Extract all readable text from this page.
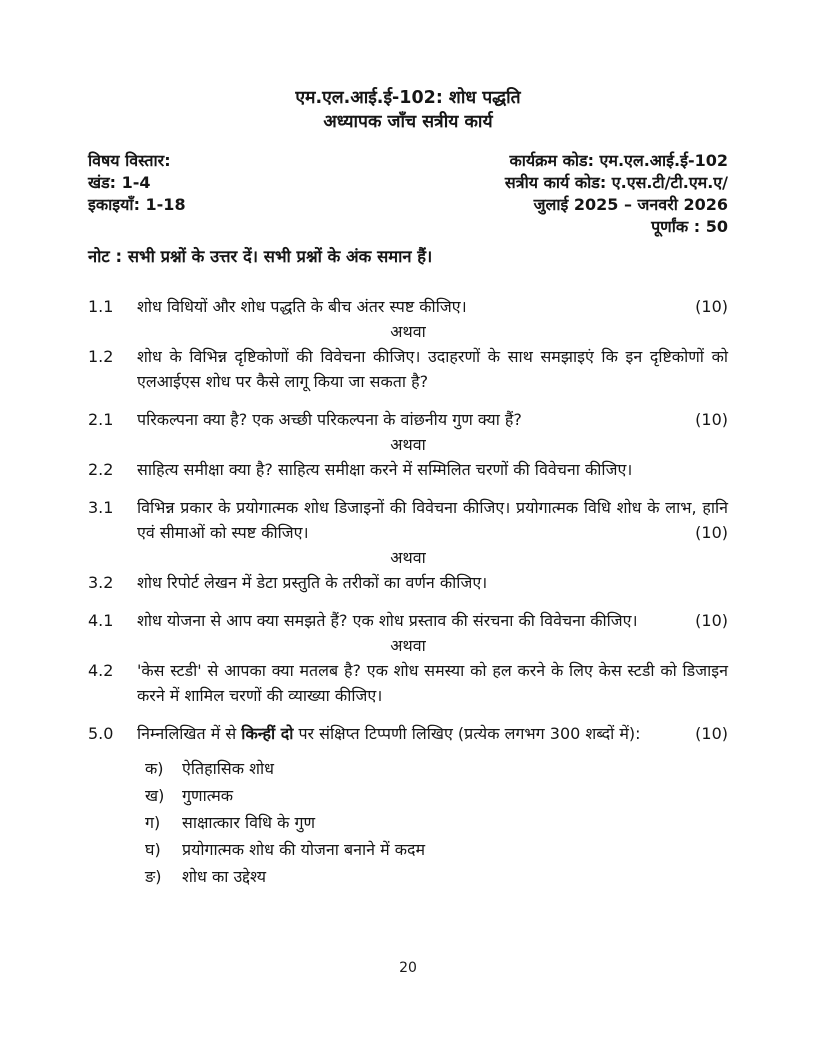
एम.एल.आई.ई-102: शोध पद्धति
अध्यापक जाँच सत्रीय कार्य
विषय विस्तार:
खंड: 1-4
इकाइयाँ: 1-18
कार्यक्रम कोड: एम.एल.आई.ई-102
सत्रीय कार्य कोड: ए.एस.टी/टी.एम.ए/
जुलाई 2025 – जनवरी 2026
पूर्णांक : 50
नोट : सभी प्रश्नों के उत्तर दें। सभी प्रश्नों के अंक समान हैं।
1.1	शोध विधियों और शोध पद्धति के बीच अंतर स्पष्ट कीजिए।	(10)
अथवा
1.2	शोध के विभिन्न दृष्टिकोणों की विवेचना कीजिए। उदाहरणों के साथ समझाइएं कि इन दृष्टिकोणों को एलआईएस शोध पर कैसे लागू किया जा सकता है?
2.1	परिकल्पना क्या है? एक अच्छी परिकल्पना के वांछनीय गुण क्या हैं?	(10)
अथवा
2.2	साहित्य समीक्षा क्या है? साहित्य समीक्षा करने में सम्मिलित चरणों की विवेचना कीजिए।
3.1	विभिन्न प्रकार के प्रयोगात्मक शोध डिजाइनों की विवेचना कीजिए। प्रयोगात्मक विधि शोध के लाभ, हानि एवं सीमाओं को स्पष्ट कीजिए।	(10)
अथवा
3.2	शोध रिपोर्ट लेखन में डेटा प्रस्तुति के तरीकों का वर्णन कीजिए।
4.1	शोध योजना से आप क्या समझते हैं? एक शोध प्रस्ताव की संरचना की विवेचना कीजिए।	(10)
अथवा
4.2	'केस स्टडी' से आपका क्या मतलब है? एक शोध समस्या को हल करने के लिए केस स्टडी को डिजाइन करने में शामिल चरणों की व्याख्या कीजिए।
5.0	निम्नलिखित में से किन्हीं दो पर संक्षिप्त टिप्पणी लिखिए (प्रत्येक लगभग 300 शब्दों में):	(10)
क)	ऐतिहासिक शोध
ख)	गुणात्मक
ग)	साक्षात्कार विधि के गुण
घ)	प्रयोगात्मक शोध की योजना बनाने में कदम
ङ)	शोध का उद्देश्य
20
